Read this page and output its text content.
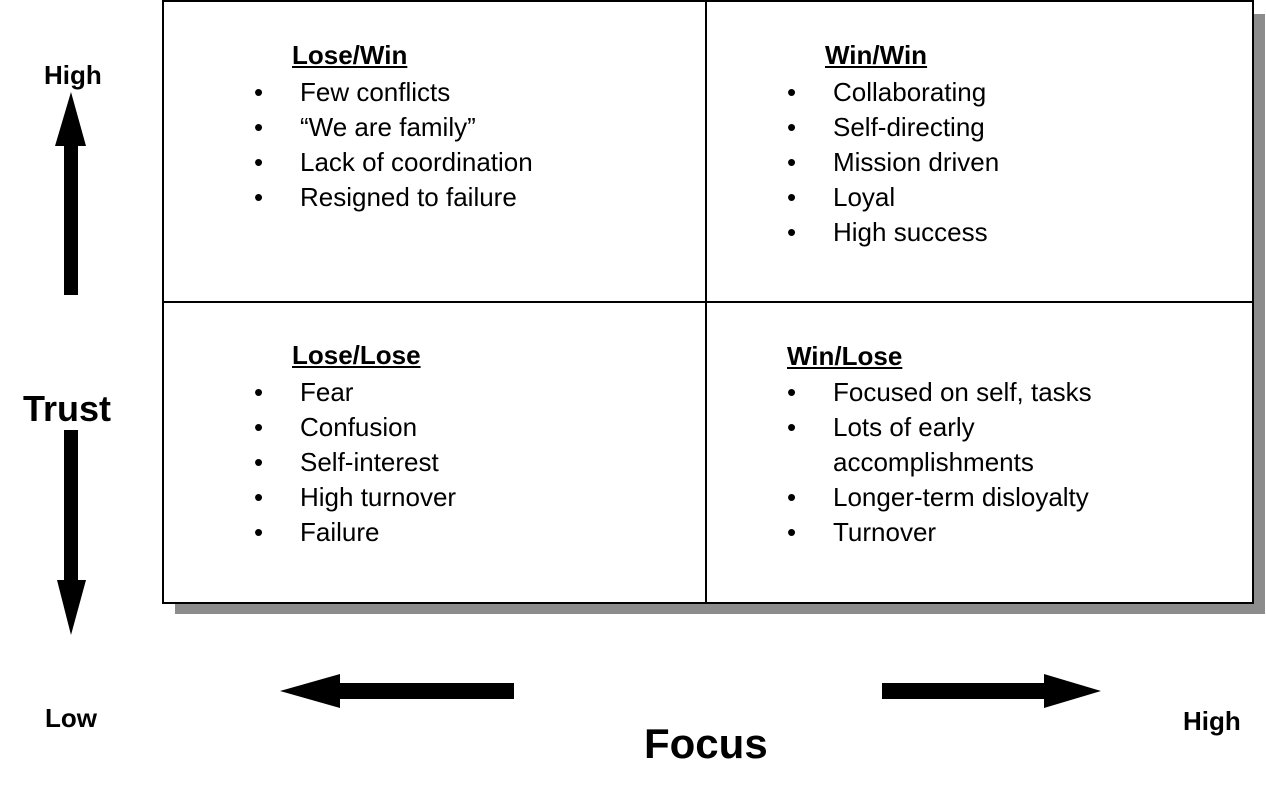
Lose/Win
• Few conflicts

• “We are family”

• Lack of coordination

• Resigned to failure

Win/Win
• Collaborating

• Self-directing

• Mission driven

• Loyal

• High success

Lose/Lose
• Fear

• Confusion

• Self-interest

• High turnover

• Failure

Win/Lose
• Focused on self, tasks

• Lots of early

accomplishments

• Longer-term disloyalty

• Turnover

High
Trust
Low
Focus	High
